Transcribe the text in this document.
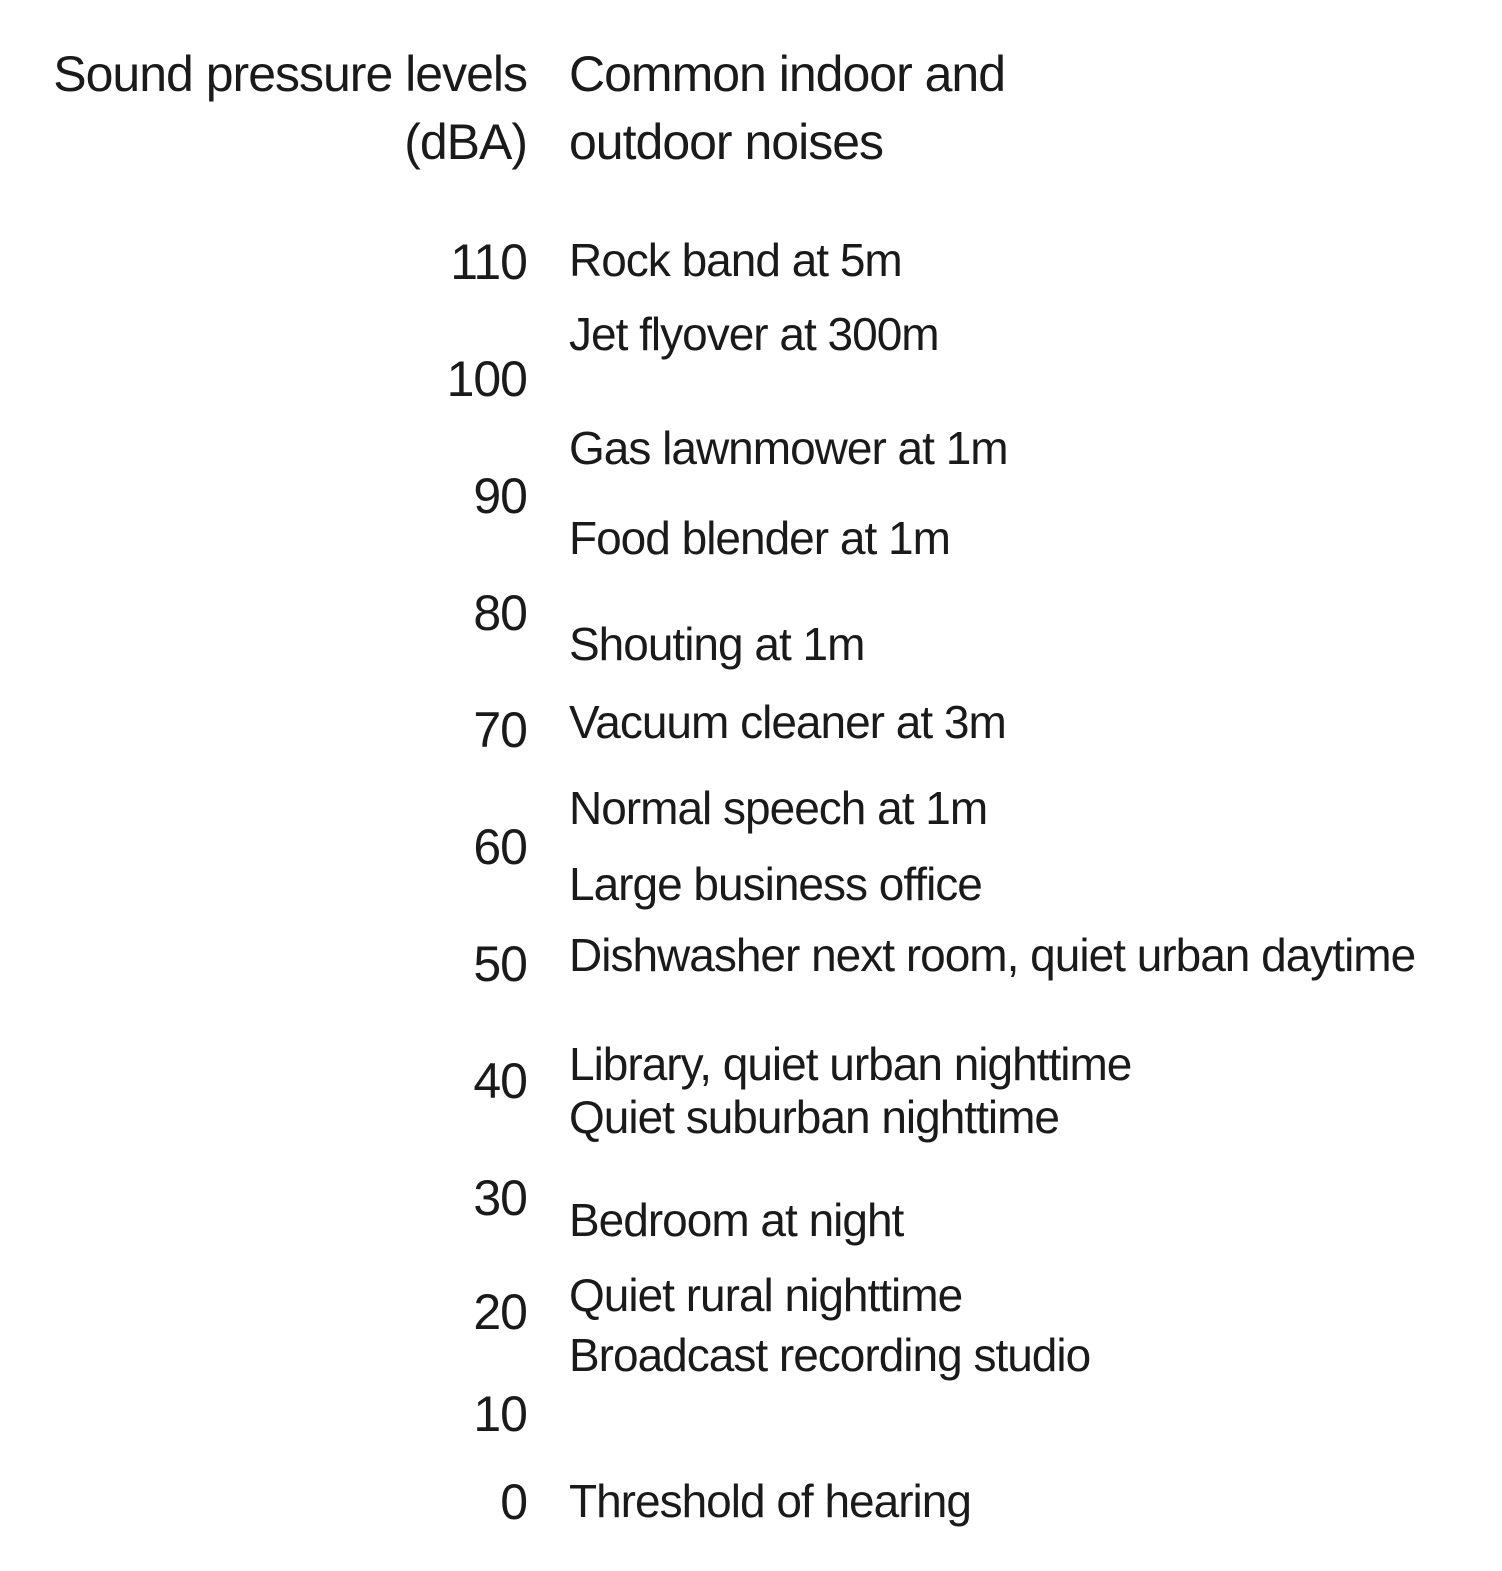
Sound pressure levels
(dBA)
Common indoor and
outdoor noises
110
100
90
80
70
60
50
40
30
20
10
0
Rock band at 5m
Jet flyover at 300m
Gas lawnmower at 1m
Food blender at 1m
Shouting at 1m
Vacuum cleaner at 3m
Normal speech at 1m
Large business office
Dishwasher next room, quiet urban daytime
Library, quiet urban nighttime
Quiet suburban nighttime
Bedroom at night
Quiet rural nighttime
Broadcast recording studio
Threshold of hearing
